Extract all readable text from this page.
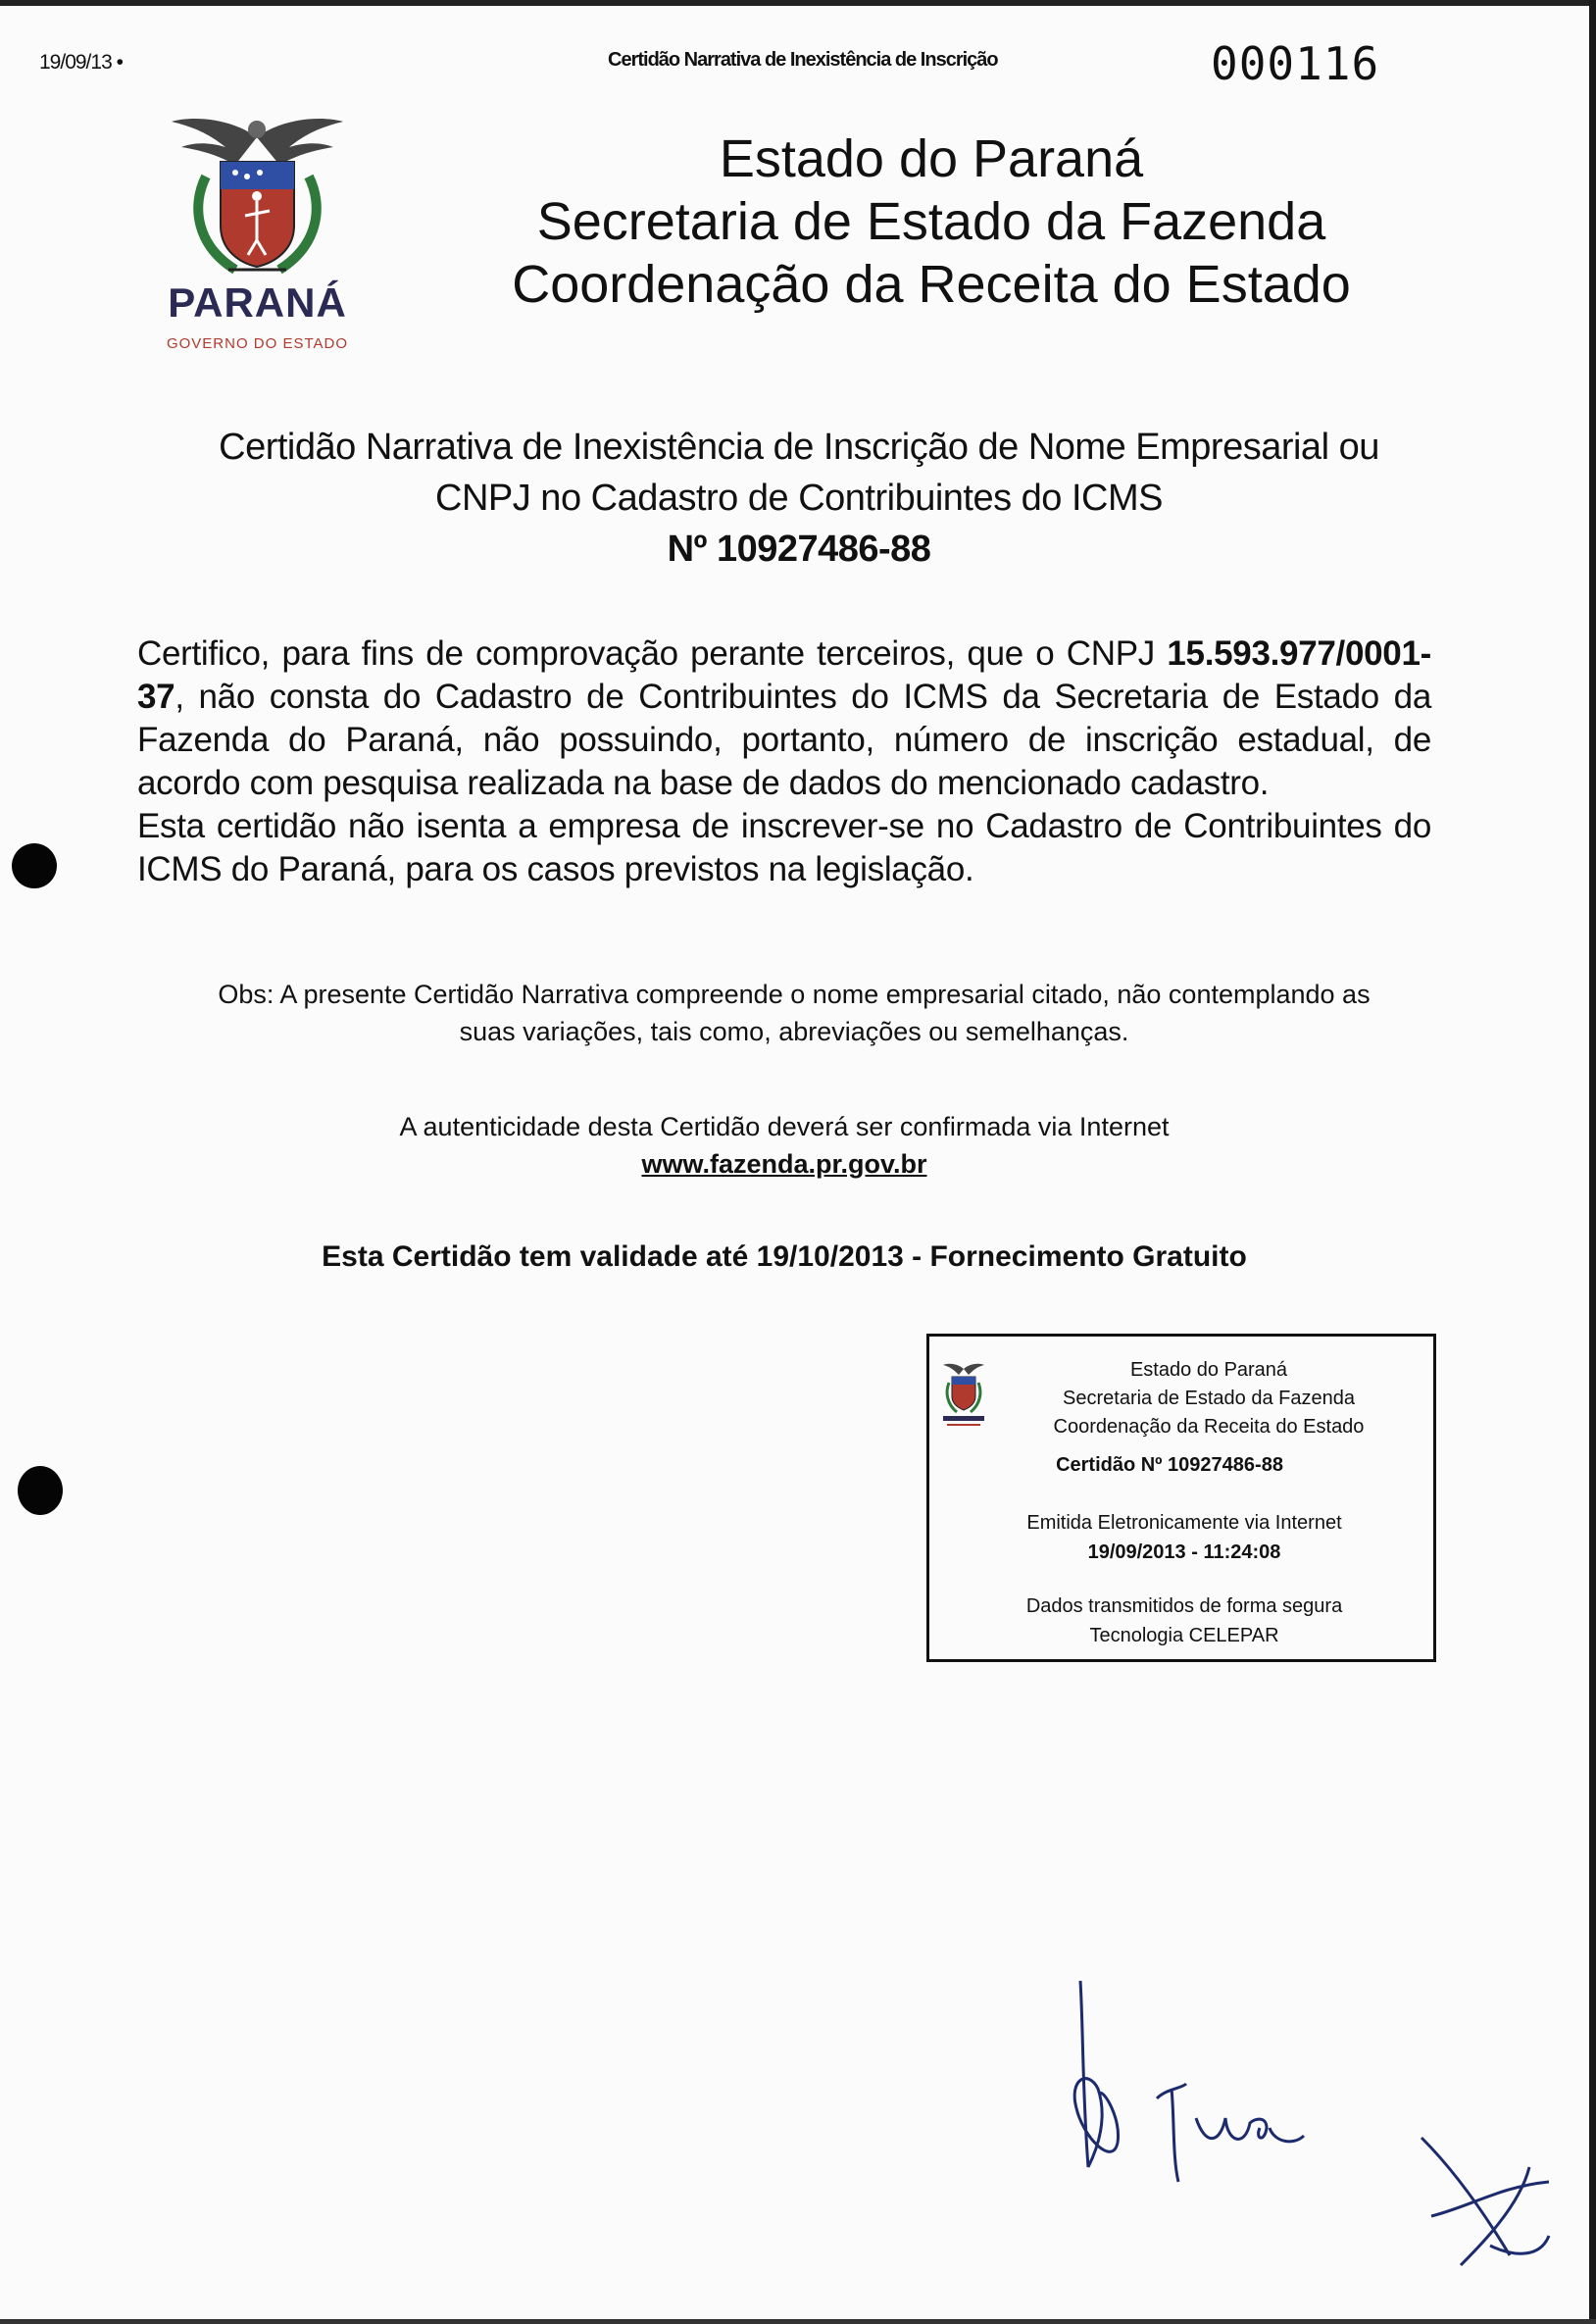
19/09/13 •	Certidão Narrativa de Inexistência de Inscrição	000116
PARANÁ
GOVERNO DO ESTADO
Estado do Paraná
Secretaria de Estado da Fazenda
Coordenação da Receita do Estado
Certidão Narrativa de Inexistência de Inscrição de Nome Empresarial ou
CNPJ no Cadastro de Contribuintes do ICMS
Nº 10927486-88
Certifico, para fins de comprovação perante terceiros, que o CNPJ 15.593.977/0001-37, não consta do Cadastro de Contribuintes do ICMS da Secretaria de Estado da Fazenda do Paraná, não possuindo, portanto, número de inscrição estadual, de acordo com pesquisa realizada na base de dados do mencionado cadastro.
Esta certidão não isenta a empresa de inscrever-se no Cadastro de Contribuintes do ICMS do Paraná, para os casos previstos na legislação.
Obs: A presente Certidão Narrativa compreende o nome empresarial citado, não contemplando as
suas variações, tais como, abreviações ou semelhanças.
A autenticidade desta Certidão deverá ser confirmada via Internet
www.fazenda.pr.gov.br
Esta Certidão tem validade até 19/10/2013 - Fornecimento Gratuito
Estado do Paraná
Secretaria de Estado da Fazenda
Coordenação da Receita do Estado
Certidão Nº 10927486-88
Emitida Eletronicamente via Internet
19/09/2013 - 11:24:08
Dados transmitidos de forma segura
Tecnologia CELEPAR
